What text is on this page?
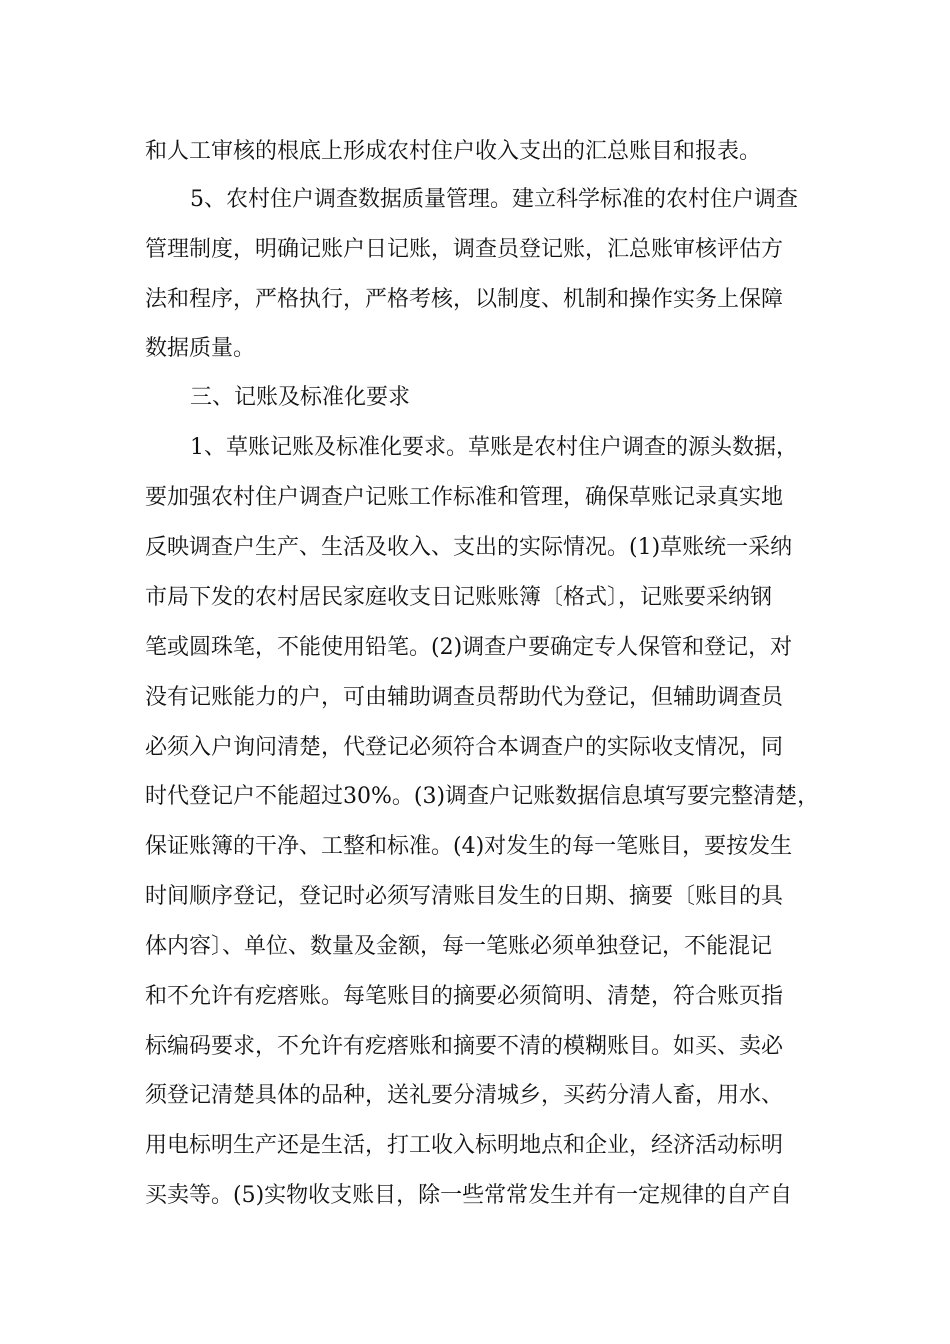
和人工审核的根底上形成农村住户收入支出的汇总账目和报表。
5、农村住户调查数据质量管理。建立科学标准的农村住户调查
管理制度，明确记账户日记账，调查员登记账，汇总账审核评估方
法和程序，严格执行，严格考核，以制度、机制和操作实务上保障
数据质量。
三、记账及标准化要求
1、草账记账及标准化要求。草账是农村住户调查的源头数据，
要加强农村住户调查户记账工作标准和管理，确保草账记录真实地
反映调查户生产、生活及收入、支出的实际情况。(1)草账统一采纳
市局下发的农村居民家庭收支日记账账簿〔格式〕，记账要采纳钢
笔或圆珠笔，不能使用铅笔。(2)调查户要确定专人保管和登记，对
没有记账能力的户，可由辅助调查员帮助代为登记，但辅助调查员
必须入户询问清楚，代登记必须符合本调查户的实际收支情况，同
时代登记户不能超过30%。(3)调查户记账数据信息填写要完整清楚，
保证账簿的干净、工整和标准。(4)对发生的每一笔账目，要按发生
时间顺序登记，登记时必须写清账目发生的日期、摘要〔账目的具
体内容〕、单位、数量及金额，每一笔账必须单独登记，不能混记
和不允许有疙瘩账。每笔账目的摘要必须简明、清楚，符合账页指
标编码要求，不允许有疙瘩账和摘要不清的模糊账目。如买、卖必
须登记清楚具体的品种，送礼要分清城乡，买药分清人畜，用水、
用电标明生产还是生活，打工收入标明地点和企业，经济活动标明
买卖等。(5)实物收支账目，除一些常常发生并有一定规律的自产自
